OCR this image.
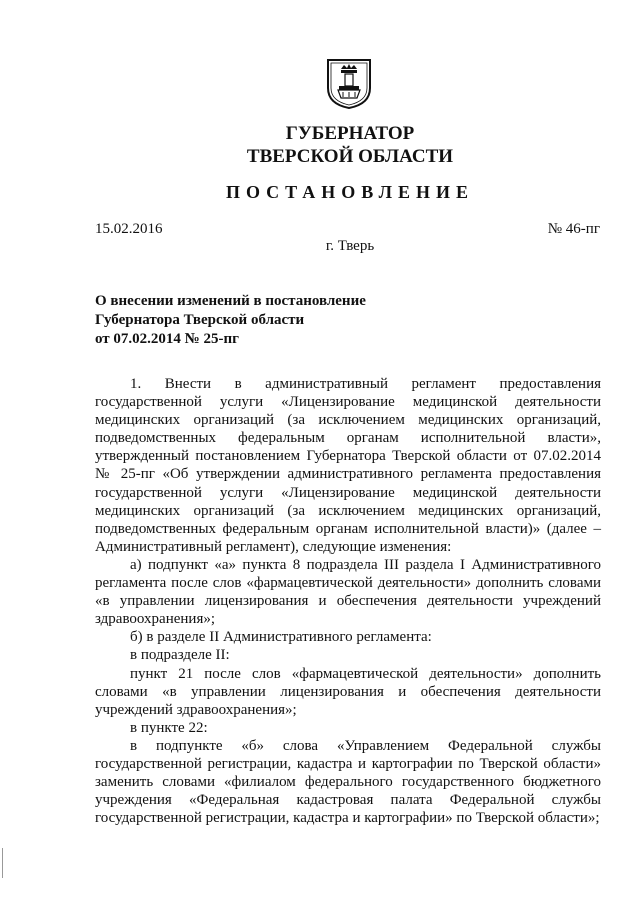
ГУБЕРНАТОР
ТВЕРСКОЙ ОБЛАСТИ
ПОСТАНОВЛЕНИЕ
15.02.2016	№ 46-пг
г. Тверь
О внесении изменений в постановление
Губернатора Тверской области
от 07.02.2014 № 25-пг

1. Внести в административный регламент предоставления государственной услуги «Лицензирование медицинской деятельности медицинских организаций (за исключением медицинских организаций, подведомственных федеральным органам исполнительной власти», утвержденный постановлением Губернатора Тверской области от 07.02.2014 № 25-пг «Об утверждении административного регламента предоставления государственной услуги «Лицензирование медицинской деятельности медицинских организаций (за исключением медицинских организаций, подведомственных федеральным органам исполнительной власти)» (далее – Административный регламент), следующие изменения:

а) подпункт «а» пункта 8 подраздела III раздела I Административного регламента после слов «фармацевтической деятельности» дополнить словами «в управлении лицензирования и обеспечения деятельности учреждений здравоохранения»;

б) в разделе II Административного регламента:

в подразделе II:

пункт 21 после слов «фармацевтической деятельности» дополнить словами «в управлении лицензирования и обеспечения деятельности учреждений здравоохранения»;

в пункте 22:

в подпункте «б» слова «Управлением Федеральной службы государственной регистрации, кадастра и картографии по Тверской области» заменить словами «филиалом федерального государственного бюджетного учреждения «Федеральная кадастровая палата Федеральной службы государственной регистрации, кадастра и картографии» по Тверской области»;
